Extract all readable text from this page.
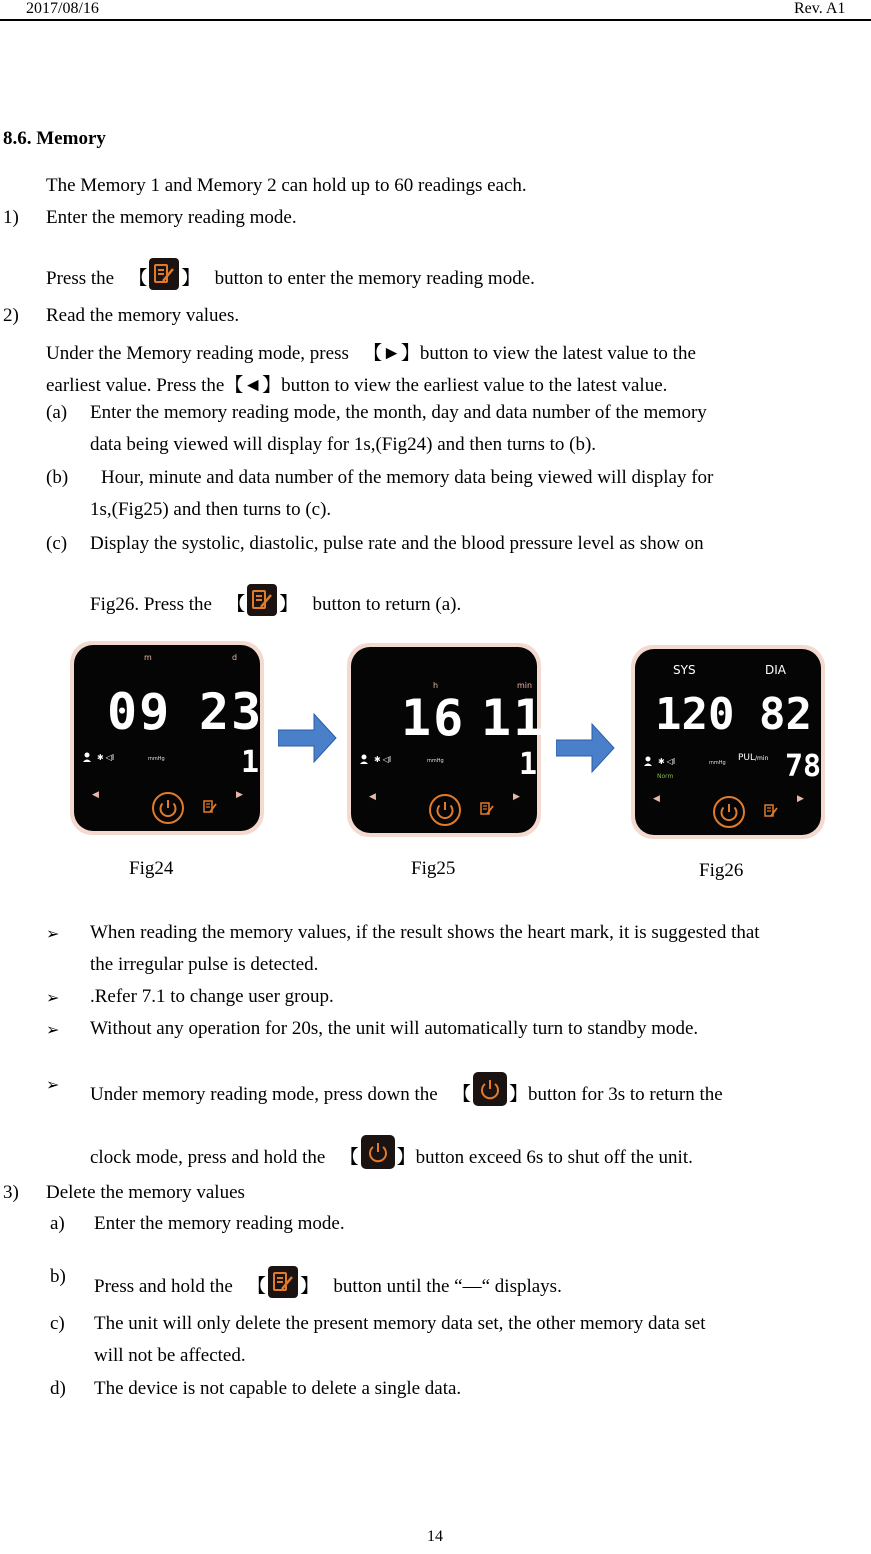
2017/08/16	Rev. A1
8.6. Memory
The Memory 1 and Memory 2 can hold up to 60 readings each.
1) Enter the memory reading mode.
Press the   【 】   button to enter the memory reading mode.
2) Read the memory values.
Under the Memory reading mode, press 【►】button to view the latest value to the
earliest value. Press the【◄】button to view the earliest value to the latest value.
(a) Enter the memory reading mode, the month, day and data number of the memory
data being viewed will display for 1s,(Fig24) and then turns to (b).
(b) Hour, minute and data number of the memory data being viewed will display for
1s,(Fig25) and then turns to (c).
(c) Display the systolic, diastolic, pulse rate and the blood pressure level as show on
Fig26. Press the   【 】   button to return (a).
m	d
09 23
1
mmHg
✱ ◁ǁ
◀	▶
h	min
16 11
1
mmHg
✱ ◁ǁ
◀	▶
SYS	DIA
120 82
78
mmHg PUL/min
Norm
✱ ◁ǁ
◀	▶
Fig24	Fig25	Fig26
➢ When reading the memory values, if the result shows the heart mark, it is suggested that
the irregular pulse is detected.
➢ .Refer 7.1 to change user group.
➢ Without any operation for 20s, the unit will automatically turn to standby mode.
➢ Under memory reading mode, press down the   【 】button for 3s to return the
clock mode, press and hold the   【 】button exceed 6s to shut off the unit.
3) Delete the memory values
a) Enter the memory reading mode.
b) Press and hold the   【 】   button until the “—“ displays.
c) The unit will only delete the present memory data set, the other memory data set
will not be affected.
d) The device is not capable to delete a single data.
14
